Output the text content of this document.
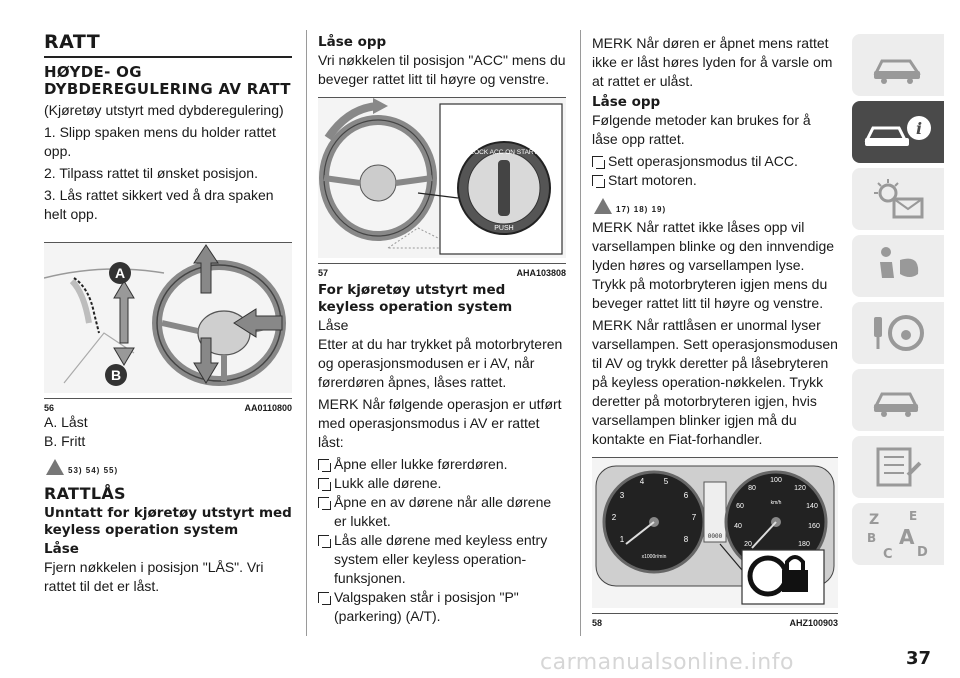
RATT
HØYDE- OG DYBDEREGULERING AV RATT

(Kjøretøy utstyrt med dybderegulering)

1. Slipp spaken mens du holder rattet opp.

2. Tilpass rattet til ønsket posisjon.

3. Lås rattet sikkert ved å dra spaken helt opp.

A
B
56	AA0110800

A. Låst

B. Fritt

53) 54) 55)
RATTLÅS
Unntatt for kjøretøy utstyrt med keyless operation system
Låse

Fjern nøkkelen i posisjon "LÅS". Vri rattet til det er låst.

Låse opp

Vri nøkkelen til posisjon "ACC" mens du beveger rattet litt til høyre og venstre.

PUSH
LOCK ACC ON START
57	AHA103808
For kjøretøy utstyrt med keyless operation system

Låse

Etter at du har trykket på motorbryteren og operasjonsmodusen er i AV, når førerdøren åpnes, låses rattet.

MERK Når følgende operasjon er utført med operasjonsmodus i AV er rattet låst:

Åpne eller lukke førerdøren.
Lukk alle dørene.
Åpne en av dørene når alle dørene er lukket.
Lås alle dørene med keyless entry system eller keyless operation-funksjonen.
Valgspaken står i posisjon "P" (parkering) (A/T).

MERK Når døren er åpnet mens rattet ikke er låst høres lyden for å varsle om at rattet er ulåst.

Låse opp

Følgende metoder kan brukes for å låse opp rattet.

Sett operasjonsmodus til ACC.
Start motoren.
17) 18) 19)

MERK Når rattet ikke låses opp vil varsellampen blinke og den innvendige lyden høres og varsellampen lyse. Trykk på motorbryteren igjen mens du beveger rattet litt til høyre og venstre.

MERK Når rattlåsen er unormal lyser varsellampen. Sett operasjonsmodusen til AV og trykk deretter på låsebryteren på keyless operation-nøkkelen. Trykk deretter på motorbryteren igjen, hvis varsellampen blinker igjen må du kontakte en Fiat-forhandler.

1
2
3
4 5
6
7
8
x1000r/min
0000
20
40
60
80
100
120
140
160
180
km/h
58	AHZ100903
i
Z E
B A
C D
carmanualsonline.info	37
